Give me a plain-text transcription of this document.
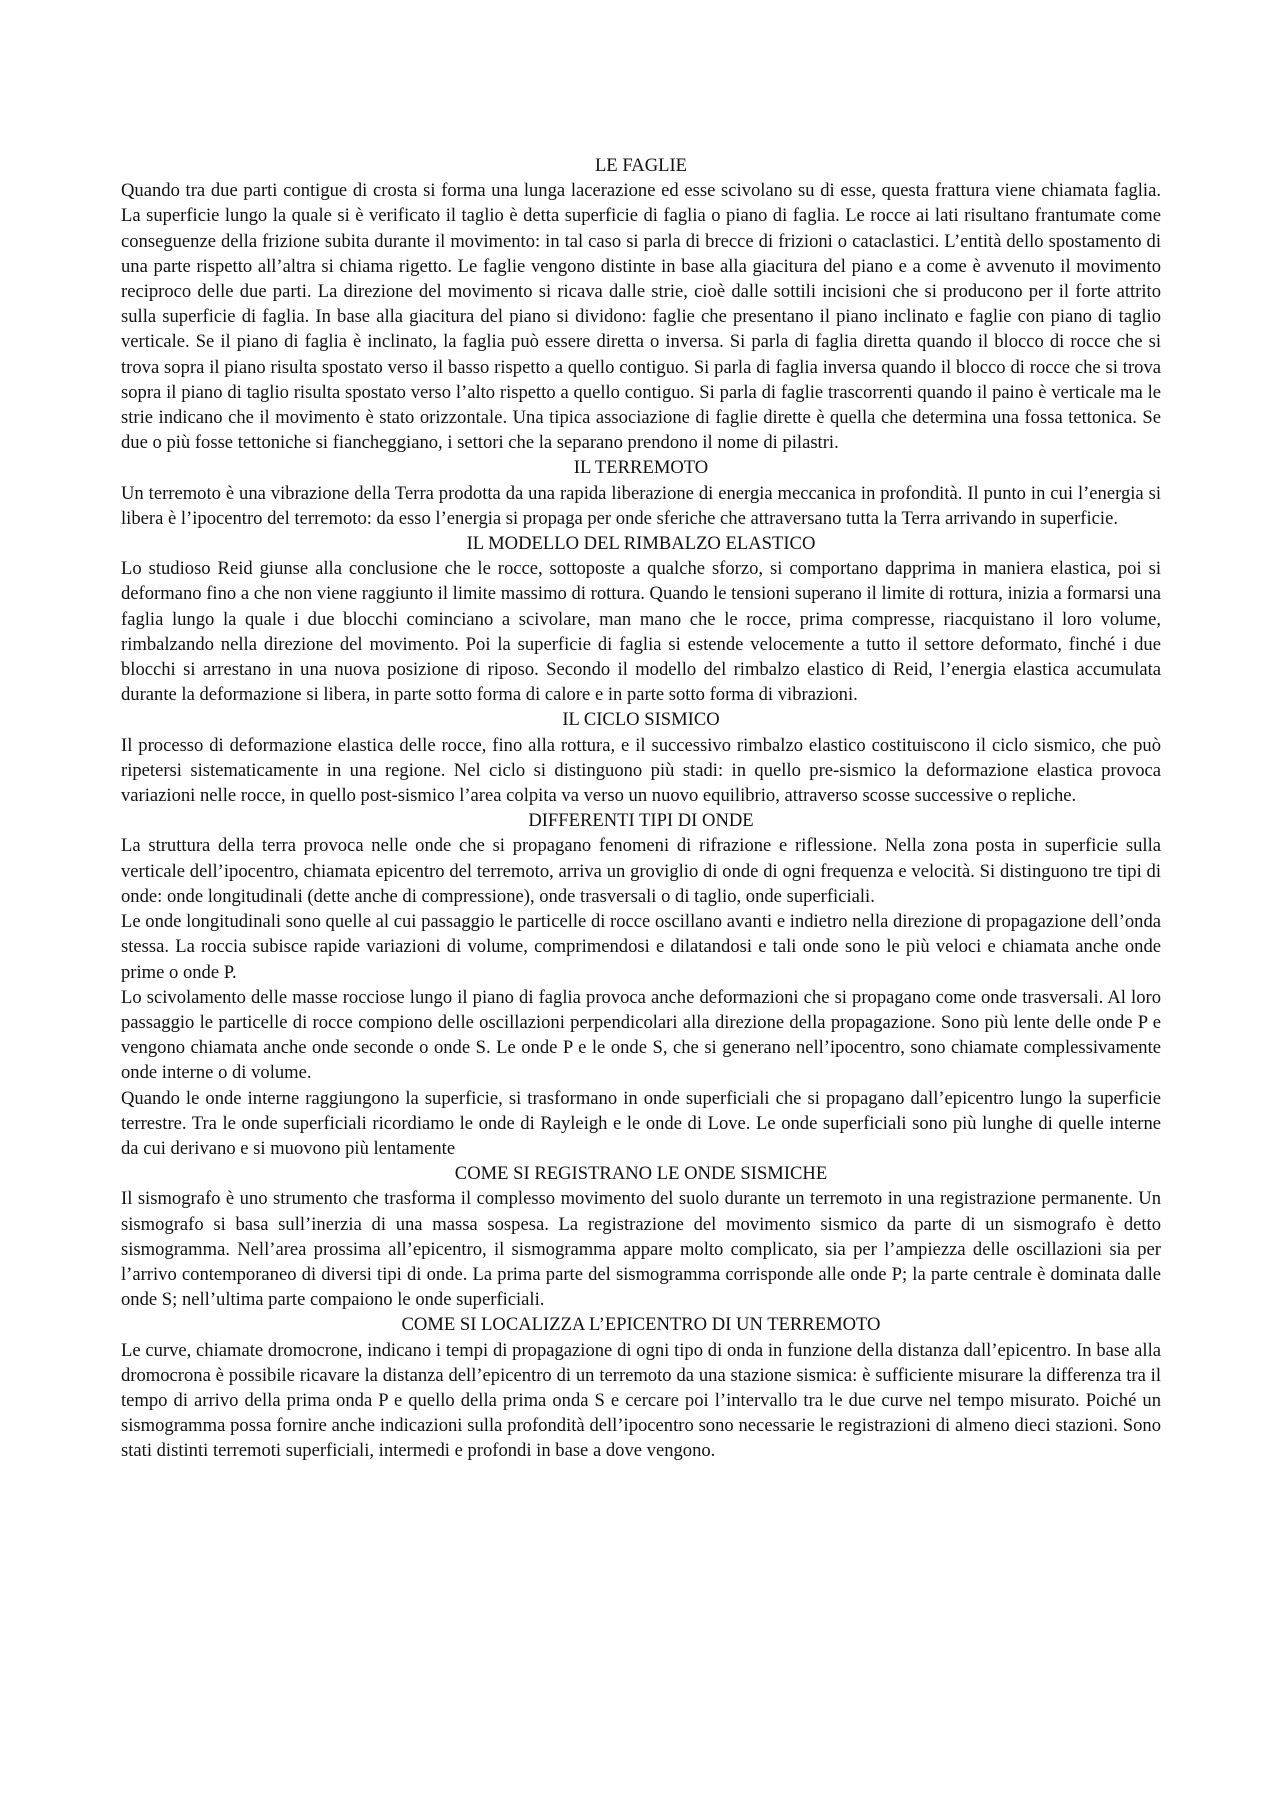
LE FAGLIE

Quando tra due parti contigue di crosta si forma una lunga lacerazione ed esse scivolano su di esse, questa frattura viene chiamata faglia. La superficie lungo la quale si è verificato il taglio è detta superficie di faglia o piano di faglia. Le rocce ai lati risultano frantumate come conseguenze della frizione subita durante il movimento: in tal caso si parla di brecce di frizioni o cataclastici. L’entità dello spostamento di una parte rispetto all’altra si chiama rigetto. Le faglie vengono distinte in base alla giacitura del piano e a come è avvenuto il movimento reciproco delle due parti. La direzione del movimento si ricava dalle strie, cioè dalle sottili incisioni che si producono per il forte attrito sulla superficie di faglia. In base alla giacitura del piano si dividono: faglie che presentano il piano inclinato e faglie con piano di taglio verticale. Se il piano di faglia è inclinato, la faglia può essere diretta o inversa. Si parla di faglia diretta quando il blocco di rocce che si trova sopra il piano risulta spostato verso il basso rispetto a quello contiguo. Si parla di faglia inversa quando il blocco di rocce che si trova sopra il piano di taglio risulta spostato verso l’alto rispetto a quello contiguo. Si parla di faglie trascorrenti quando il paino è verticale ma le strie indicano che il movimento è stato orizzontale. Una tipica associazione di faglie dirette è quella che determina una fossa tettonica. Se due o più fosse tettoniche si fiancheggiano, i settori che la separano prendono il nome di pilastri.

IL TERREMOTO

Un terremoto è una vibrazione della Terra prodotta da una rapida liberazione di energia meccanica in profondità. Il punto in cui l’energia si libera è l’ipocentro del terremoto: da esso l’energia si propaga per onde sferiche che attraversano tutta la Terra arrivando in superficie.

IL MODELLO DEL RIMBALZO ELASTICO

Lo studioso Reid giunse alla conclusione che le rocce, sottoposte a qualche sforzo, si comportano dapprima in maniera elastica, poi si deformano fino a che non viene raggiunto il limite massimo di rottura. Quando le tensioni superano il limite di rottura, inizia a formarsi una faglia lungo la quale i due blocchi cominciano a scivolare, man mano che le rocce, prima compresse, riacquistano il loro volume, rimbalzando nella direzione del movimento. Poi la superficie di faglia si estende velocemente a tutto il settore deformato, finché i due blocchi si arrestano in una nuova posizione di riposo. Secondo il modello del rimbalzo elastico di Reid, l’energia elastica accumulata durante la deformazione si libera, in parte sotto forma di calore e in parte sotto forma di vibrazioni.

IL CICLO SISMICO

Il processo di deformazione elastica delle rocce, fino alla rottura, e il successivo rimbalzo elastico costituiscono il ciclo sismico, che può ripetersi sistematicamente in una regione. Nel ciclo si distinguono più stadi: in quello pre-sismico la deformazione elastica provoca variazioni nelle rocce, in quello post-sismico l’area colpita va verso un nuovo equilibrio, attraverso scosse successive o repliche.

DIFFERENTI TIPI DI ONDE

La struttura della terra provoca nelle onde che si propagano fenomeni di rifrazione e riflessione. Nella zona posta in superficie sulla verticale dell’ipocentro, chiamata epicentro del terremoto, arriva un groviglio di onde di ogni frequenza e velocità. Si distinguono tre tipi di onde: onde longitudinali (dette anche di compressione), onde trasversali o di taglio, onde superficiali.

Le onde longitudinali sono quelle al cui passaggio le particelle di rocce oscillano avanti e indietro nella direzione di propagazione dell’onda stessa. La roccia subisce rapide variazioni di volume, comprimendosi e dilatandosi e tali onde sono le più veloci e chiamata anche onde prime o onde P.

Lo scivolamento delle masse rocciose lungo il piano di faglia provoca anche deformazioni che si propagano come onde trasversali. Al loro passaggio le particelle di rocce compiono delle oscillazioni perpendicolari alla direzione della propagazione. Sono più lente delle onde P e vengono chiamata anche onde seconde o onde S. Le onde P e le onde S, che si generano nell’ipocentro, sono chiamate complessivamente onde interne o di volume.

Quando le onde interne raggiungono la superficie, si trasformano in onde superficiali che si propagano dall’epicentro lungo la superficie terrestre. Tra le onde superficiali ricordiamo le onde di Rayleigh e le onde di Love. Le onde superficiali sono più lunghe di quelle interne da cui derivano e si muovono più lentamente

COME SI REGISTRANO LE ONDE SISMICHE

Il sismografo è uno strumento che trasforma il complesso movimento del suolo durante un terremoto in una registrazione permanente. Un sismografo si basa sull’inerzia di una massa sospesa. La registrazione del movimento sismico da parte di un sismografo è detto sismogramma. Nell’area prossima all’epicentro, il sismogramma appare molto complicato, sia per l’ampiezza delle oscillazioni sia per l’arrivo contemporaneo di diversi tipi di onde. La prima parte del sismogramma corrisponde alle onde P; la parte centrale è dominata dalle onde S; nell’ultima parte compaiono le onde superficiali.

COME SI LOCALIZZA L’EPICENTRO DI UN TERREMOTO

Le curve, chiamate dromocrone, indicano i tempi di propagazione di ogni tipo di onda in funzione della distanza dall’epicentro. In base alla dromocrona è possibile ricavare la distanza dell’epicentro di un terremoto da una stazione sismica: è sufficiente misurare la differenza tra il tempo di arrivo della prima onda P e quello della prima onda S e cercare poi l’intervallo tra le due curve nel tempo misurato. Poiché un sismogramma possa fornire anche indicazioni sulla profondità dell’ipocentro sono necessarie le registrazioni di almeno dieci stazioni. Sono stati distinti terremoti superficiali, intermedi e profondi in base a dove vengono.
